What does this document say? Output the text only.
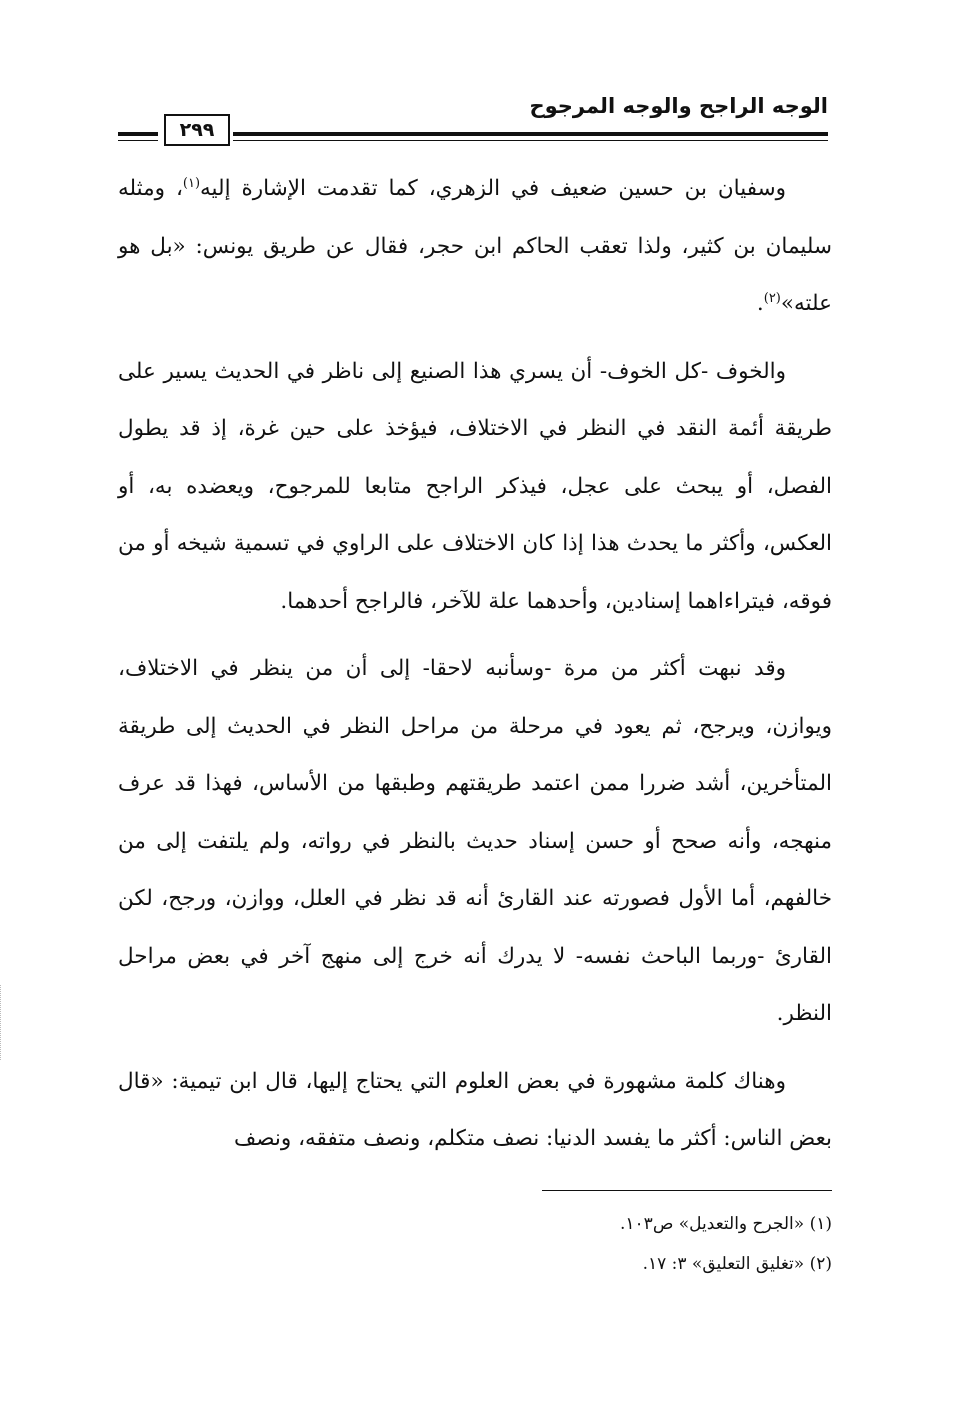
الوجه الراجح والوجه المرجوح
٢٩٩

وسفيان بن حسين ضعيف في الزهري، كما تقدمت الإشارة إليه$^{(١)}$، ومثله سليمان بن كثير، ولذا تعقب الحاكم ابن حجر، فقال عن طريق يونس: «بل هو علته»$^{(٢)}$.

والخوف -كل الخوف- أن يسري هذا الصنيع إلى ناظر في الحديث يسير على طريقة أئمة النقد في النظر في الاختلاف، فيؤخذ على حين غرة، إذ قد يطول الفصل، أو يبحث على عجل، فيذكر الراجح متابعا للمرجوح، ويعضده به، أو العكس، وأكثر ما يحدث هذا إذا كان الاختلاف على الراوي في تسمية شيخه أو من فوقه، فيتراءاهما إسنادين، وأحدهما علة للآخر، فالراجح أحدهما.

وقد نبهت أكثر من مرة -وسأنبه لاحقا- إلى أن من ينظر في الاختلاف، ويوازن، ويرجح، ثم يعود في مرحلة من مراحل النظر في الحديث إلى طريقة المتأخرين، أشد ضررا ممن اعتمد طريقتهم وطبقها من الأساس، فهذا قد عرف منهجه، وأنه صحح أو حسن إسناد حديث بالنظر في رواته، ولم يلتفت إلى من خالفهم، أما الأول فصورته عند القارئ أنه قد نظر في العلل، ووازن، ورجح، لكن القارئ -وربما الباحث نفسه- لا يدرك أنه خرج إلى منهج آخر في بعض مراحل النظر.

وهناك كلمة مشهورة في بعض العلوم التي يحتاج إليها، قال ابن تيمية: «قال بعض الناس: أكثر ما يفسد الدنيا: نصف متكلم، ونصف متفقه، ونصف

(١) «الجرح والتعديل» ص١٠٣.
(٢) «تغليق التعليق» ٣: ١٧.
